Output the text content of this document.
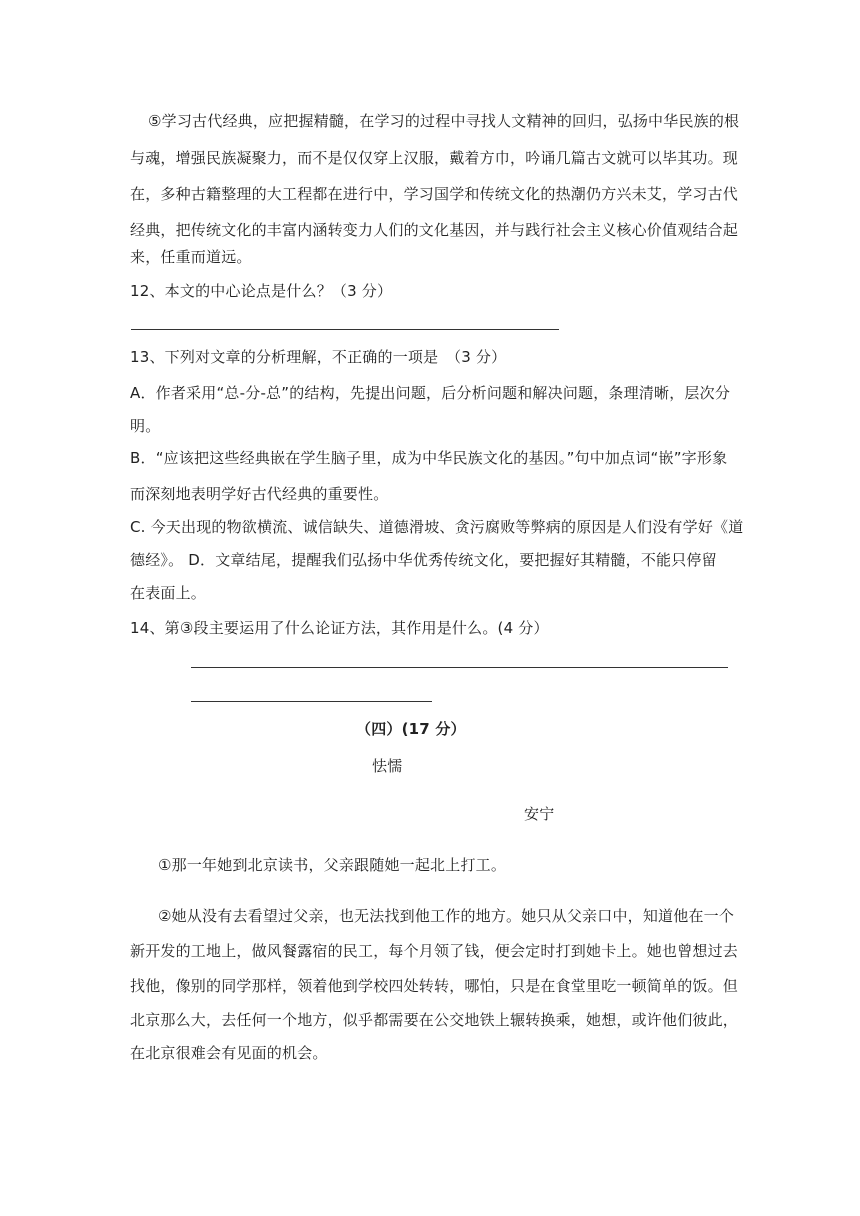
⑤学习古代经典，应把握精髓，在学习的过程中寻找人文精神的回归，弘扬中华民族的根
与魂，增强民族凝聚力，而不是仅仅穿上汉服，戴着方巾，吟诵几篇古文就可以毕其功。现
在，多种古籍整理的大工程都在进行中，学习国学和传统文化的热潮仍方兴未艾，学习古代
经典，把传统文化的丰富内涵转变力人们的文化基因，并与践行社会主义核心价值观结合起
来，任重而道远。
12、本文的中心论点是什么？（3 分）
13、下列对文章的分析理解，不正确的一项是　（3 分）
A．作者采用“总-分-总”的结构，先提出问题，后分析问题和解决问题，条理清晰，层次分
明。
B．“应该把这些经典嵌在学生脑子里，成为中华民族文化的基因。”句中加点词“嵌”字形象
而深刻地表明学好古代经典的重要性。
C. 今天出现的物欲横流、诚信缺失、道德滑坡、贪污腐败等弊病的原因是人们没有学好《道
德经》。 D．文章结尾，提醒我们弘扬中华优秀传统文化，要把握好其精髓，不能只停留
在表面上。
14、第③段主要运用了什么论证方法，其作用是什么。(4 分）
（四）(17 分）
怯懦
安宁
①那一年她到北京读书，父亲跟随她一起北上打工。
②她从没有去看望过父亲，也无法找到他工作的地方。她只从父亲口中，知道他在一个
新开发的工地上，做风餐露宿的民工，每个月领了钱，便会定时打到她卡上。她也曾想过去
找他，像别的同学那样，领着他到学校四处转转，哪怕，只是在食堂里吃一顿简单的饭。但
北京那么大，去任何一个地方，似乎都需要在公交地铁上辗转换乘，她想，或许他们彼此，
在北京很难会有见面的机会。
